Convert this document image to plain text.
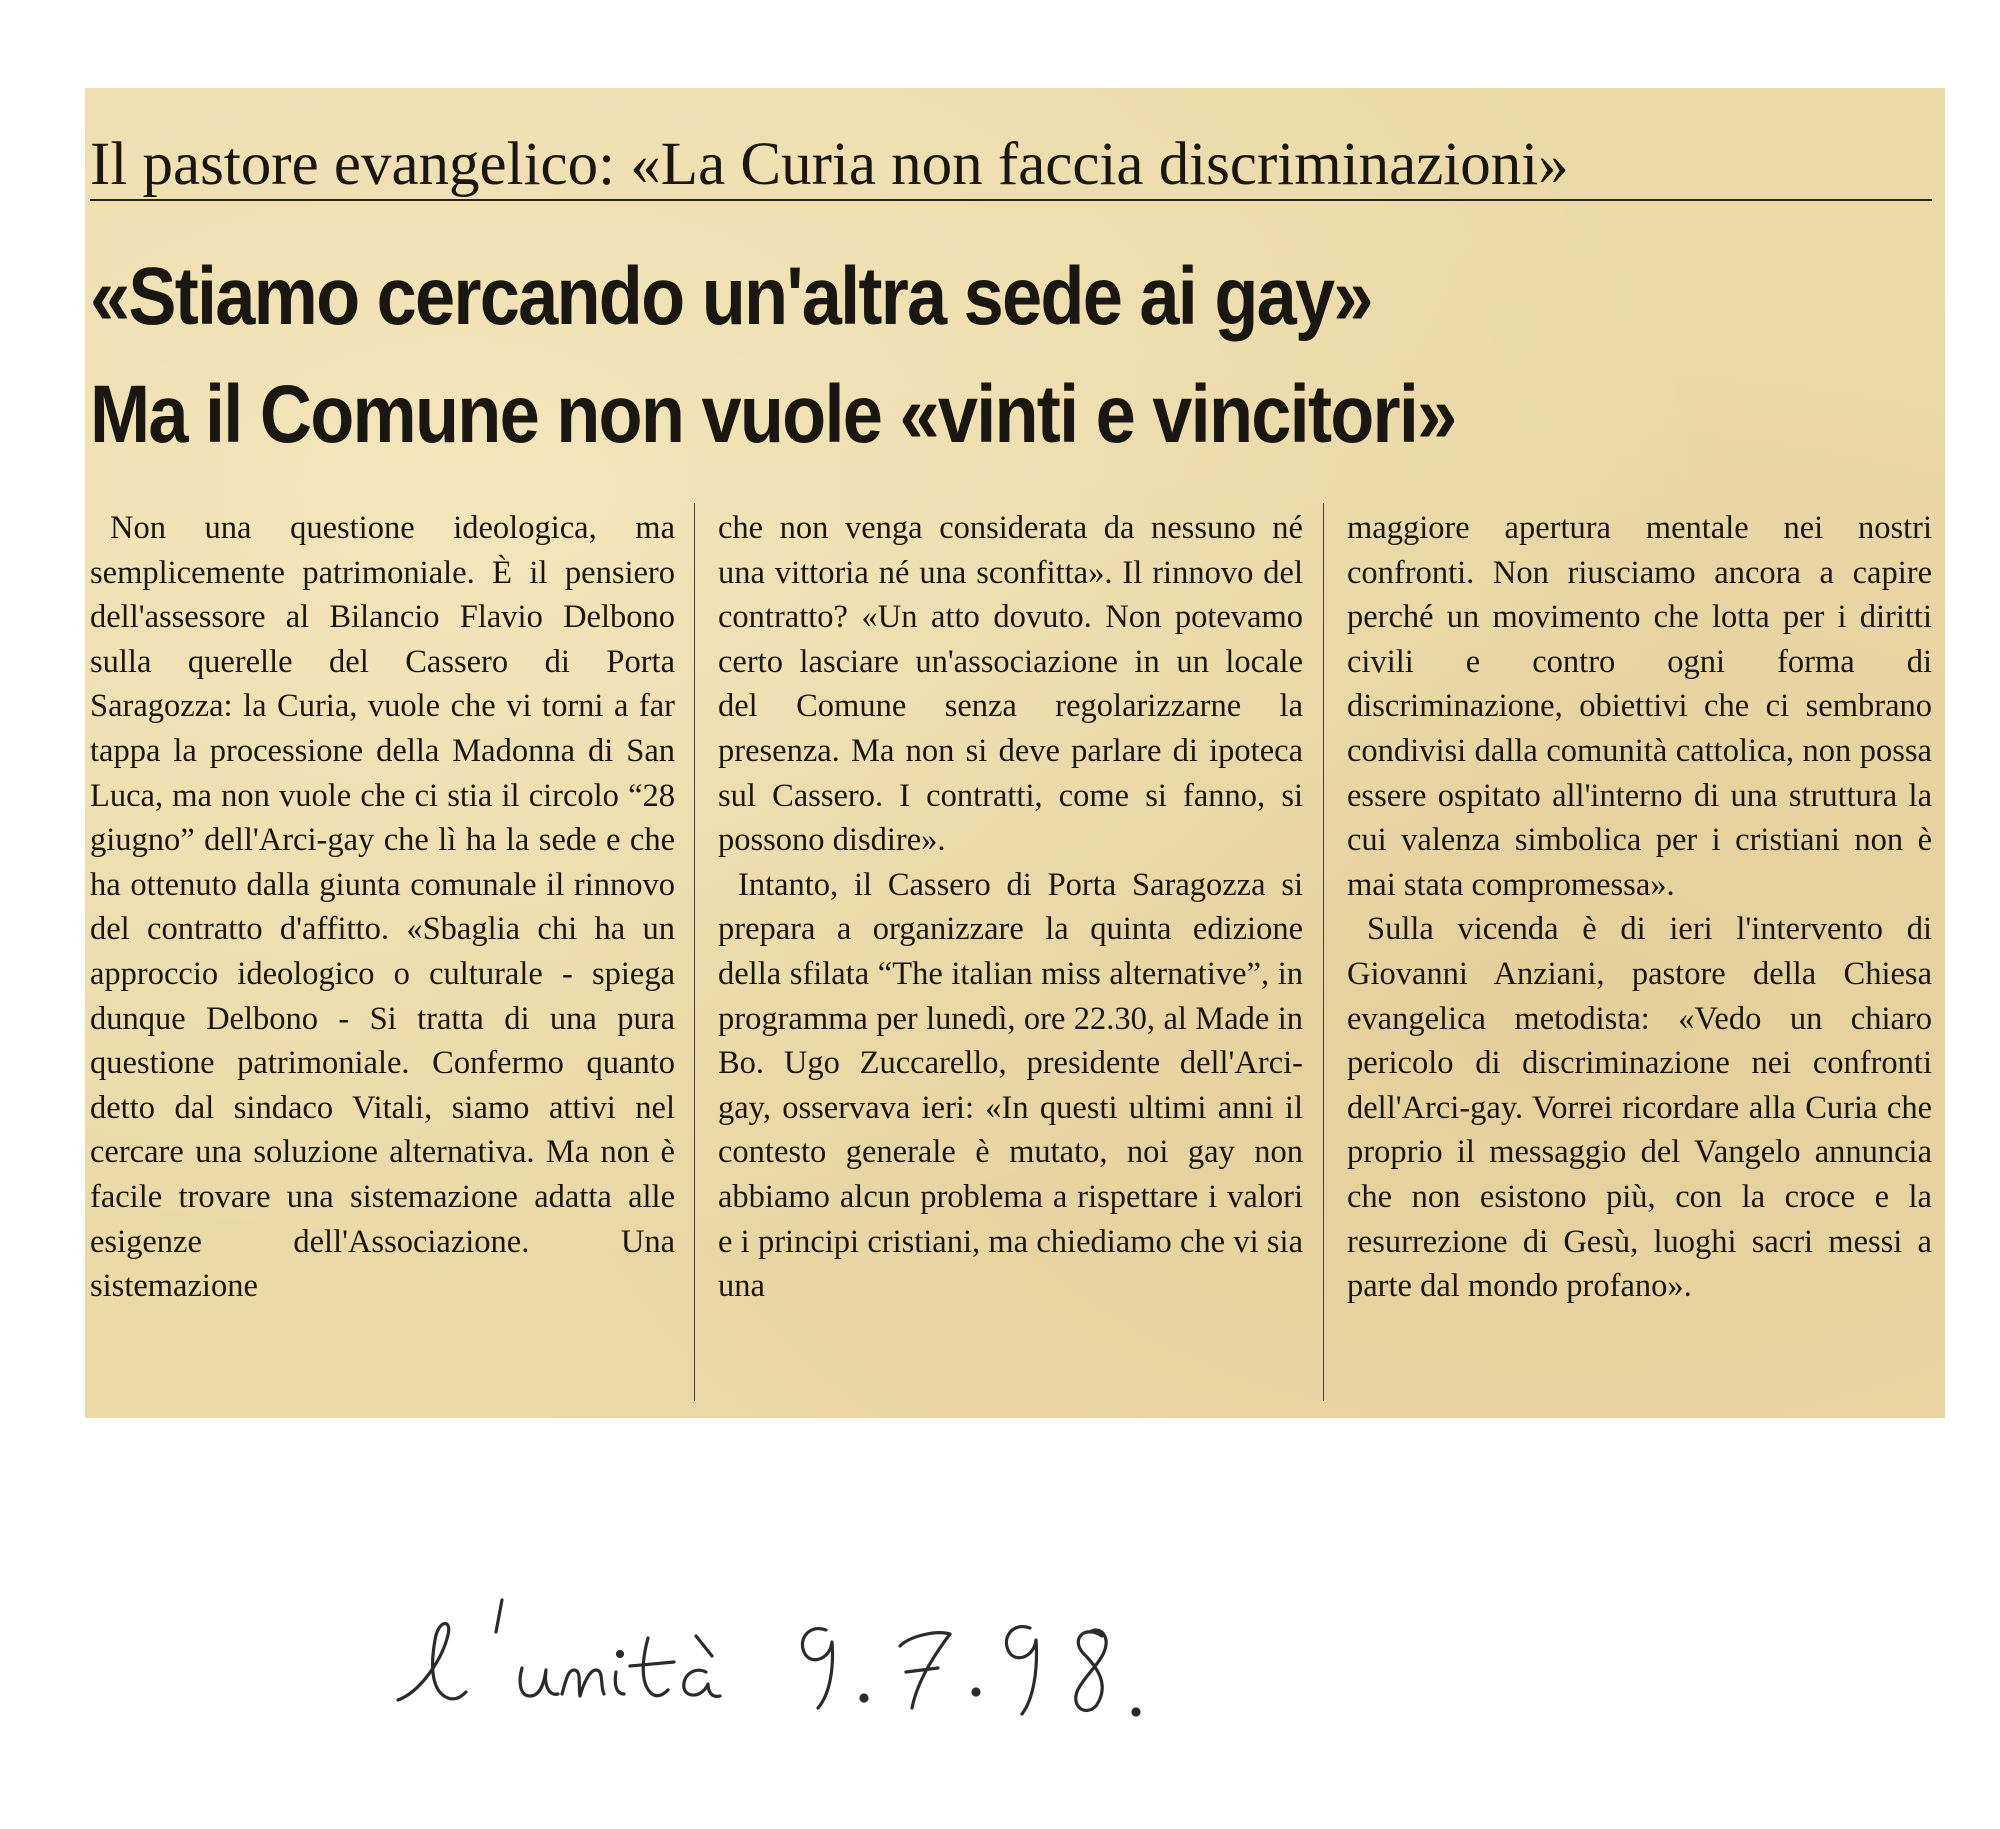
Il pastore evangelico: «La Curia non faccia discriminazioni»
«Stiamo cercando un'altra sede ai gay»
Ma il Comune non vuole «vinti e vincitori»

Non una questione ideologica, ma semplicemente patrimoniale. È il pensiero dell'assessore al Bilancio Flavio Delbono sulla querelle del Cassero di Porta Saragozza: la Curia, vuole che vi torni a far tappa la processione della Madonna di San Luca, ma non vuole che ci stia il circolo “28 giugno” dell'Arci-gay che lì ha la sede e che ha ottenuto dalla giunta comunale il rinnovo del contratto d'affitto. «Sbaglia chi ha un approccio ideologico o culturale - spiega dunque Delbono - Si tratta di una pura questione patrimoniale. Confermo quanto detto dal sindaco Vitali, siamo attivi nel cercare una soluzione alternativa. Ma non è facile trovare una sistemazione adatta alle esigenze dell'Associazione. Una sistemazione

che non venga considerata da nessuno né una vittoria né una sconfitta». Il rinnovo del contratto? «Un atto dovuto. Non potevamo certo lasciare un'associazione in un locale del Comune senza regolarizzarne la presenza. Ma non si deve parlare di ipoteca sul Cassero. I contratti, come si fanno, si possono disdire».

Intanto, il Cassero di Porta Saragozza si prepara a organizzare la quinta edizione della sfilata “The italian miss alternative”, in programma per lunedì, ore 22.30, al Made in Bo. Ugo Zuccarello, presidente dell'Arci-gay, osservava ieri: «In questi ultimi anni il contesto generale è mutato, noi gay non abbiamo alcun problema a rispettare i valori e i principi cristiani, ma chiediamo che vi sia una

maggiore apertura mentale nei nostri confronti. Non riusciamo ancora a capire perché un movimento che lotta per i diritti civili e contro ogni forma di discriminazione, obiettivi che ci sembrano condivisi dalla comunità cattolica, non possa essere ospitato all'interno di una struttura la cui valenza simbolica per i cristiani non è mai stata compromessa».

Sulla vicenda è di ieri l'intervento di Giovanni Anziani, pastore della Chiesa evangelica metodista: «Vedo un chiaro pericolo di discriminazione nei confronti dell'Arci-gay. Vorrei ricordare alla Curia che proprio il messaggio del Vangelo annuncia che non esistono più, con la croce e la resurrezione di Gesù, luoghi sacri messi a parte dal mondo profano».
